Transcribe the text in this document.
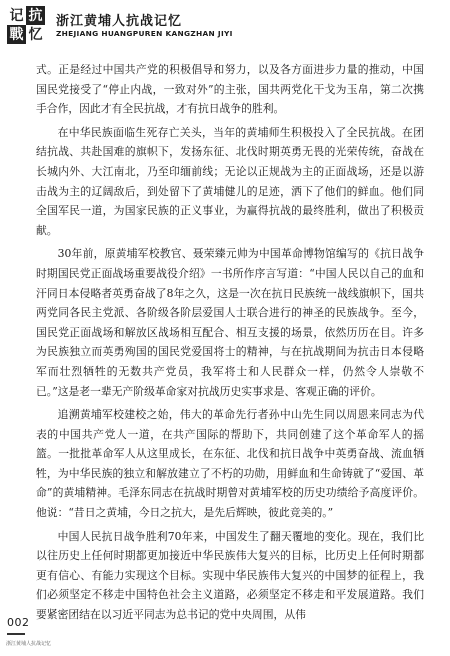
记 抗
戰 忆
浙江黄埔人抗战记忆
ZHEJIANG HUANGPUREN KANGZHAN JIYI

式。正是经过中国共产党的积极倡导和努力，以及各方面进步力量的推动，中国国民党接受了“停止内战，一致对外”的主张，国共两党化干戈为玉帛，第二次携手合作，因此才有全民抗战，才有抗日战争的胜利。

在中华民族面临生死存亡关头，当年的黄埔师生积极投入了全民抗战。在团结抗战、共赴国难的旗帜下，发扬东征、北伐时期英勇无畏的光荣传统，奋战在长城内外、大江南北，乃至印缅前线；无论以正规战为主的正面战场，还是以游击战为主的辽阔敌后，到处留下了黄埔健儿的足迹，洒下了他们的鲜血。他们同全国军民一道，为国家民族的正义事业，为赢得抗战的最终胜利，做出了积极贡献。

30年前，原黄埔军校教官、聂荣臻元帅为中国革命博物馆编写的《抗日战争时期国民党正面战场重要战役介绍》一书所作序言写道：“中国人民以自己的血和汗同日本侵略者英勇奋战了8年之久，这是一次在抗日民族统一战线旗帜下，国共两党同各民主党派、各阶级各阶层爱国人士联合进行的神圣的民族战争。至今，国民党正面战场和解放区战场相互配合、相互支援的场景，依然历历在目。许多为民族独立而英勇殉国的国民党爱国将士的精神，与在抗战期间为抗击日本侵略军而壮烈牺牲的无数共产党员，我军将士和人民群众一样，仍然令人崇敬不已。”这是老一辈无产阶级革命家对抗战历史实事求是、客观正确的评价。

追溯黄埔军校建校之始，伟大的革命先行者孙中山先生同以周恩来同志为代表的中国共产党人一道，在共产国际的帮助下，共同创建了这个革命军人的摇篮。一批批革命军人从这里成长，在东征、北伐和抗日战争中英勇奋战、流血牺牲，为中华民族的独立和解放建立了不朽的功勋，用鲜血和生命铸就了“爱国、革命”的黄埔精神。毛泽东同志在抗战时期曾对黄埔军校的历史功绩给予高度评价。他说：“昔日之黄埔，今日之抗大，是先后辉映，彼此竞美的。”

中国人民抗日战争胜利70年来，中国发生了翻天覆地的变化。现在，我们比以往历史上任何时期都更加接近中华民族伟大复兴的目标，比历史上任何时期都更有信心、有能力实现这个目标。实现中华民族伟大复兴的中国梦的征程上，我们必须坚定不移走中国特色社会主义道路，必须坚定不移走和平发展道路。我们要紧密团结在以习近平同志为总书记的党中央周围，从伟

002
浙江黄埔人抗战记忆
